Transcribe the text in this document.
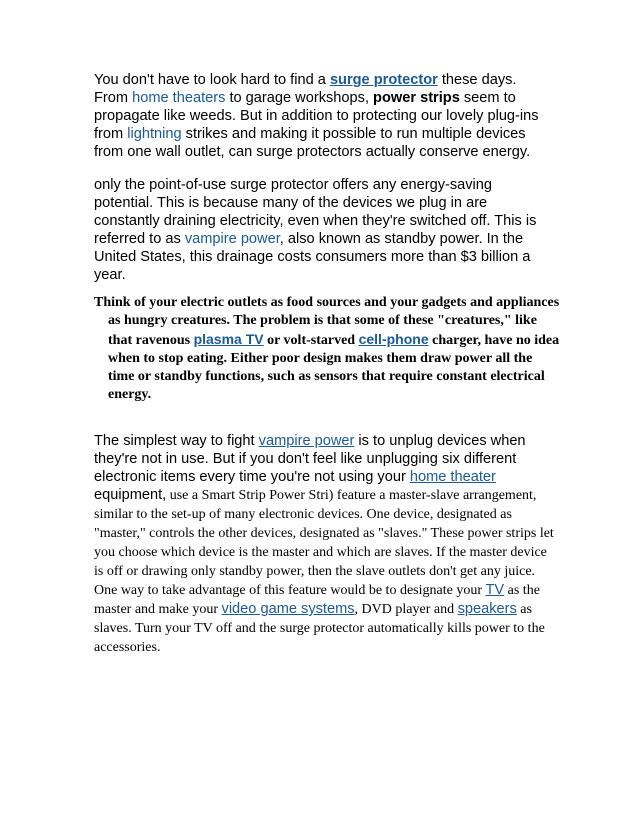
You don't have to look hard to find a surge protector these days. From home theaters to garage workshops, power strips seem to propagate like weeds. But in addition to protecting our lovely plug-ins from lightning strikes and making it possible to run multiple devices from one wall outlet, can surge protectors actually conserve energy.

only the point-of-use surge protector offers any energy-saving potential. This is because many of the devices we plug in are constantly draining electricity, even when they're switched off. This is referred to as vampire power, also known as standby power. In the United States, this drainage costs consumers more than $3 billion a year.

Think of your electric outlets as food sources and your gadgets and appliances as hungry creatures. The problem is that some of these "creatures," like that ravenous plasma TV or volt-starved cell-phone charger, have no idea when to stop eating. Either poor design makes them draw power all the time or standby functions, such as sensors that require constant electrical energy.

The simplest way to fight vampire power is to unplug devices when they're not in use. But if you don't feel like unplugging six different electronic items every time you're not using your home theater equipment, use a Smart Strip Power Stri) feature a master-slave arrangement, similar to the set-up of many electronic devices. One device, designated as "master," controls the other devices, designated as "slaves." These power strips let you choose which device is the master and which are slaves. If the master device is off or drawing only standby power, then the slave outlets don't get any juice. One way to take advantage of this feature would be to designate your TV as the master and make your video game systems, DVD player and speakers as slaves. Turn your TV off and the surge protector automatically kills power to the accessories.
